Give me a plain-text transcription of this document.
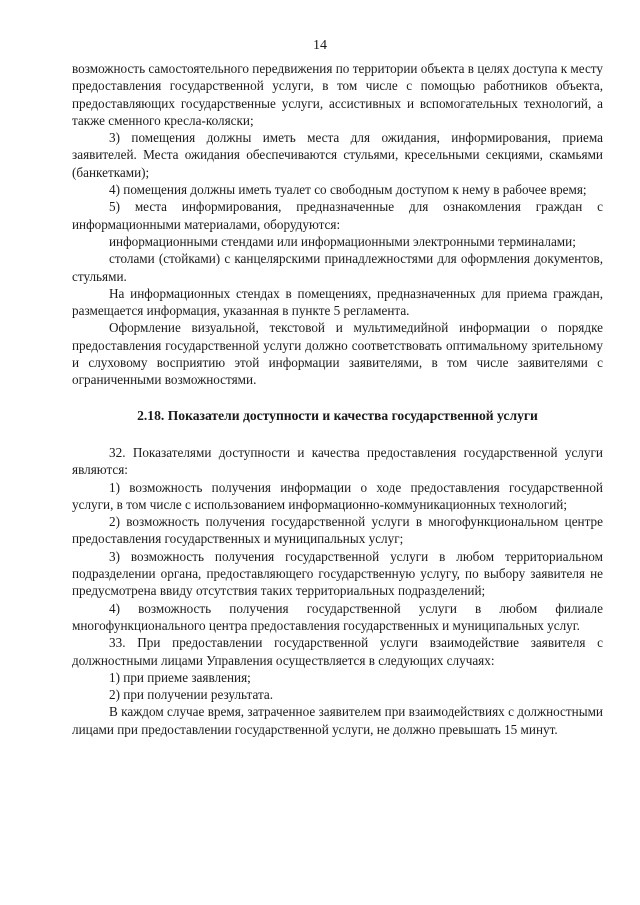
14

возможность самостоятельного передвижения по территории объекта в целях доступа к месту предоставления государственной услуги, в том числе с помощью работников объекта, предоставляющих государственные услуги, ассистивных и вспомогательных технологий, а также сменного кресла-коляски;

3) помещения должны иметь места для ожидания, информирования, приема заявителей. Места ожидания обеспечиваются стульями, кресельными секциями, скамьями (банкетками);

4) помещения должны иметь туалет со свободным доступом к нему в рабочее время;

5) места информирования, предназначенные для ознакомления граждан с информационными материалами, оборудуются:

информационными стендами или информационными электронными терминалами;

столами (стойками) с канцелярскими принадлежностями для оформления документов, стульями.

На информационных стендах в помещениях, предназначенных для приема граждан, размещается информация, указанная в пункте 5 регламента.

Оформление визуальной, текстовой и мультимедийной информации о порядке предоставления государственной услуги должно соответствовать оптимальному зрительному и слуховому восприятию этой информации заявителями, в том числе заявителями с ограниченными возможностями.

2.18. Показатели доступности и качества государственной услуги

32. Показателями доступности и качества предоставления государственной услуги являются:

1) возможность получения информации о ходе предоставления государственной услуги, в том числе с использованием информационно-коммуникационных технологий;

2) возможность получения государственной услуги в многофункциональном центре предоставления государственных и муниципальных услуг;

3) возможность получения государственной услуги в любом территориальном подразделении органа, предоставляющего государственную услугу, по выбору заявителя не предусмотрена ввиду отсутствия таких территориальных подразделений;

4) возможность получения государственной услуги в любом филиале многофункционального центра предоставления государственных и муниципальных услуг.

33. При предоставлении государственной услуги взаимодействие заявителя с должностными лицами Управления осуществляется в следующих случаях:

1) при приеме заявления;

2) при получении результата.

В каждом случае время, затраченное заявителем при взаимодействиях с должностными лицами при предоставлении государственной услуги, не должно превышать 15 минут.
